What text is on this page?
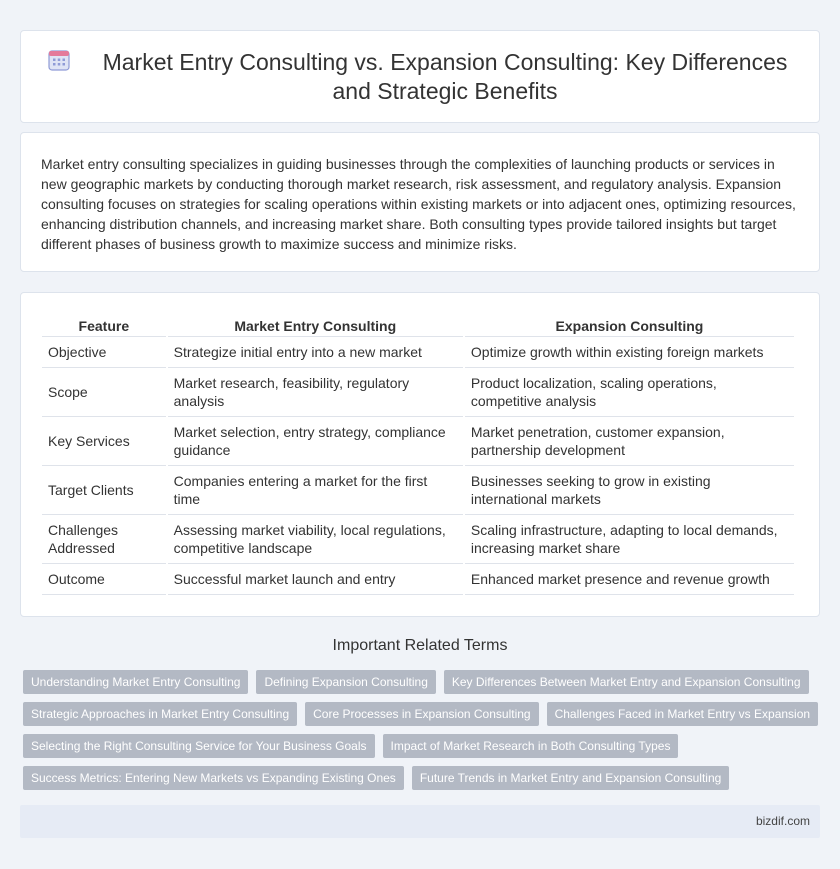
Market Entry Consulting vs. Expansion Consulting: Key Differences and Strategic Benefits

Market entry consulting specializes in guiding businesses through the complexities of launching products or services in new geographic markets by conducting thorough market research, risk assessment, and regulatory analysis. Expansion consulting focuses on strategies for scaling operations within existing markets or into adjacent ones, optimizing resources, enhancing distribution channels, and increasing market share. Both consulting types provide tailored insights but target different phases of business growth to maximize success and minimize risks.

Feature	Market Entry Consulting	Expansion Consulting
Objective	Strategize initial entry into a new market	Optimize growth within existing foreign markets
Scope	Market research, feasibility, regulatory analysis	Product localization, scaling operations, competitive analysis
Key Services	Market selection, entry strategy, compliance guidance	Market penetration, customer expansion, partnership development
Target Clients	Companies entering a market for the first time	Businesses seeking to grow in existing international markets
Challenges Addressed	Assessing market viability, local regulations, competitive landscape	Scaling infrastructure, adapting to local demands, increasing market share
Outcome	Successful market launch and entry	Enhanced market presence and revenue growth
Important Related Terms
Understanding Market Entry Consulting	Defining Expansion Consulting	Key Differences Between Market Entry and Expansion Consulting
Strategic Approaches in Market Entry Consulting	Core Processes in Expansion Consulting	Challenges Faced in Market Entry vs Expansion
Selecting the Right Consulting Service for Your Business Goals	Impact of Market Research in Both Consulting Types
Success Metrics: Entering New Markets vs Expanding Existing Ones	Future Trends in Market Entry and Expansion Consulting
bizdif.com
